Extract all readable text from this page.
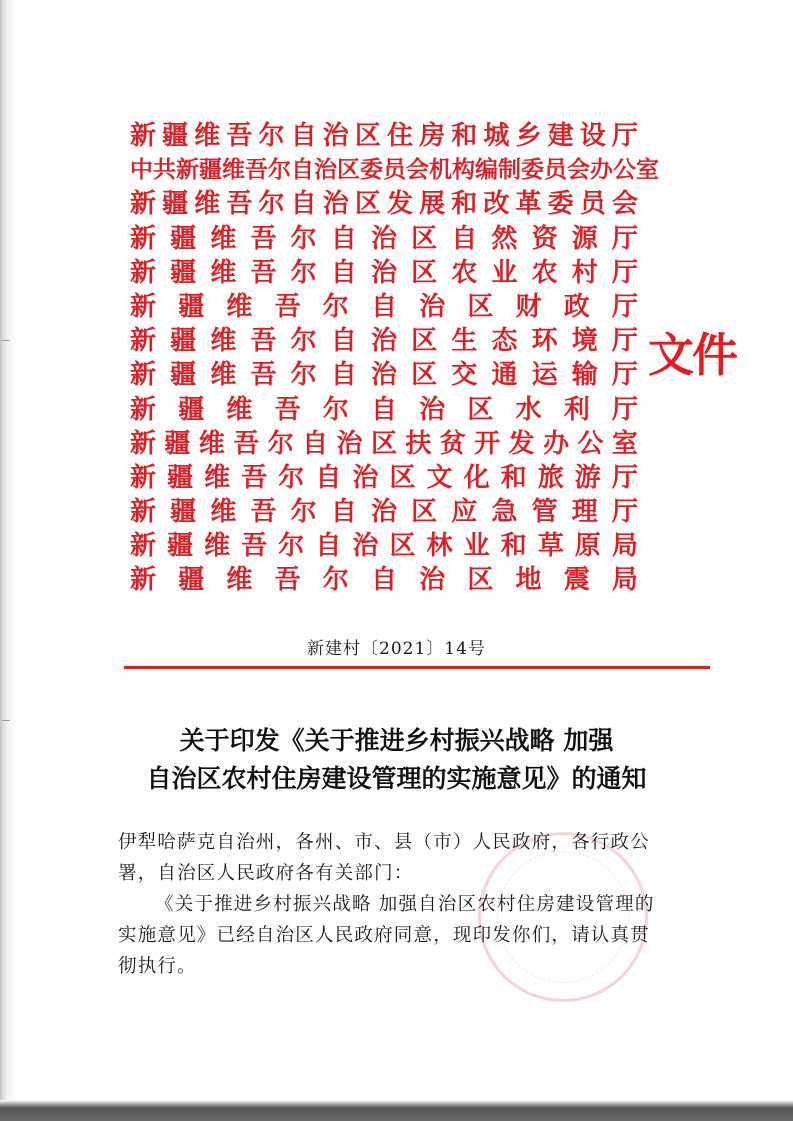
新 疆 维 吾 尔 自 治 区 住 房 和 城 乡 建 设 厅
中 共 新 疆 维 吾 尔 自 治 区 委 员 会 机 构 编 制 委 员 会 办 公 室
新 疆 维 吾 尔 自 治 区 发 展 和 改 革 委 员 会
新 疆 维 吾 尔 自 治 区 自 然 资 源 厅
新 疆 维 吾 尔 自 治 区 农 业 农 村 厅
新 疆 维 吾 尔 自 治 区 财 政 厅
新 疆 维 吾 尔 自 治 区 生 态 环 境 厅
新 疆 维 吾 尔 自 治 区 交 通 运 输 厅
新 疆 维 吾 尔 自 治 区 水 利 厅
新 疆 维 吾 尔 自 治 区 扶 贫 开 发 办 公 室
新 疆 维 吾 尔 自 治 区 文 化 和 旅 游 厅
新 疆 维 吾 尔 自 治 区 应 急 管 理 厅
新 疆 维 吾 尔 自 治 区 林 业 和 草 原 局
新 疆 维 吾 尔 自 治 区 地 震 局
文件
新建村〔2021〕14号
关于印发《关于推进乡村振兴战略 加强
自治区农村住房建设管理的实施意见》的通知

伊犁哈萨克自治州，各州、市、县（市）人民政府，各行政公

署，自治区人民政府各有关部门：

《关于推进乡村振兴战略 加强自治区农村住房建设管理的

实施意见》已经自治区人民政府同意，现印发你们，请认真贯

彻执行。
